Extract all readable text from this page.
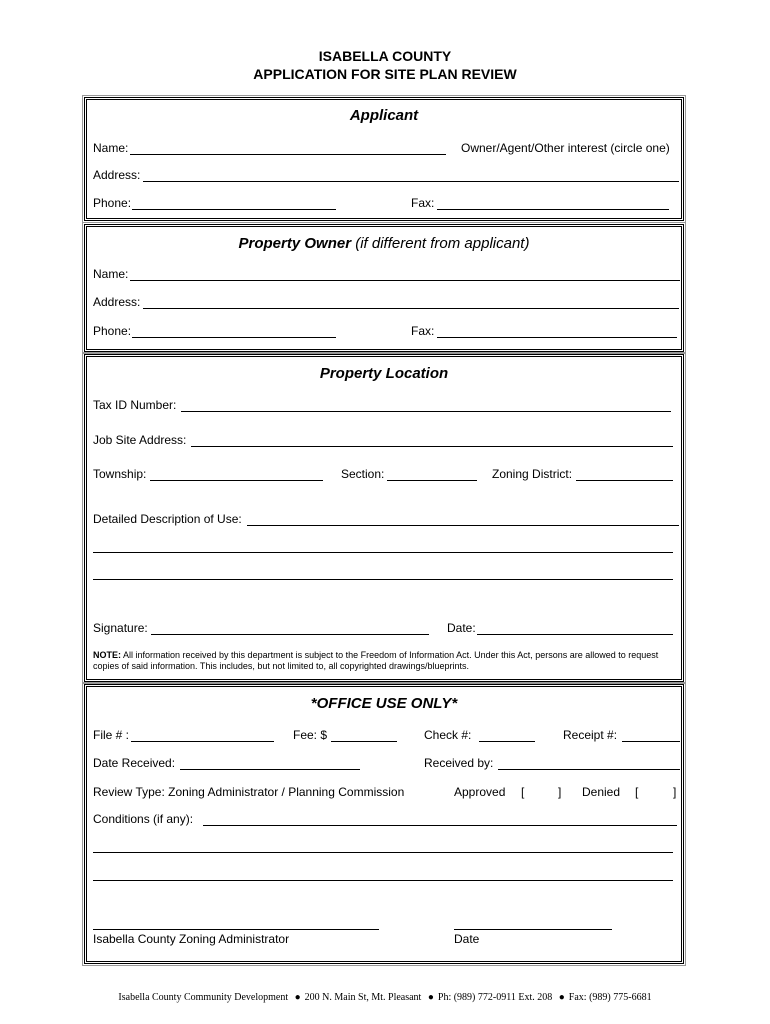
ISABELLA COUNTY
APPLICATION FOR SITE PLAN REVIEW
Applicant
Name:	Owner/Agent/Other interest (circle one)
Address:
Phone:	Fax:
Property Owner (if different from applicant)
Name:
Address:
Phone:	Fax:
Property Location
Tax ID Number:
Job Site Address:
Township:	Section:	Zoning District:
Detailed Description of Use:
Signature:	Date:
NOTE: All information received by this department is subject to the Freedom of Information Act. Under this Act, persons are allowed to request copies of said information. This includes, but not limited to, all copyrighted drawings/blueprints.
*OFFICE USE ONLY*
File # :	Fee: $	Check #:	Receipt #:
Date Received:	Received by:
Review Type: Zoning Administrator / Planning Commission	Approved [	] Denied [	]
Conditions (if any):
Isabella County Zoning Administrator	Date
Isabella County Community Development ● 200 N. Main St, Mt. Pleasant ● Ph: (989) 772-0911 Ext. 208 ● Fax: (989) 775-6681
